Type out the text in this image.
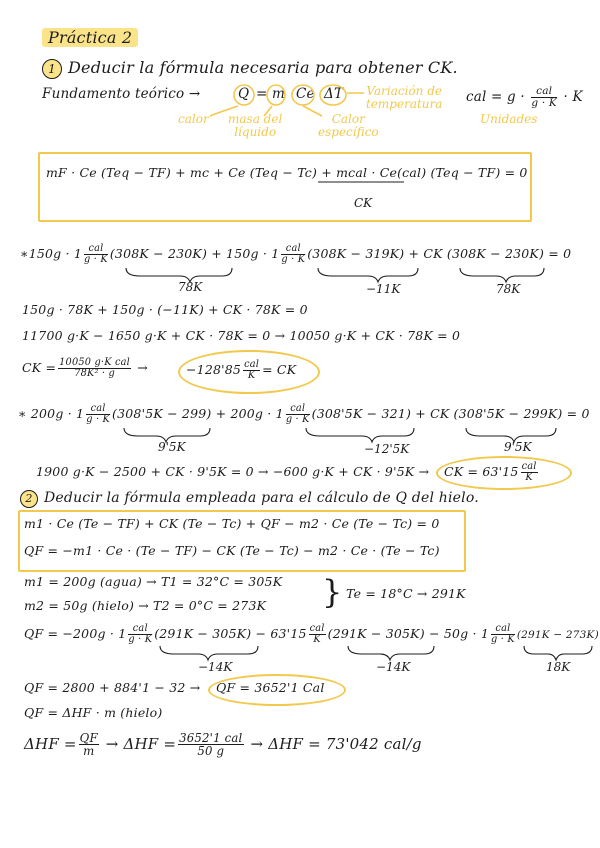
Práctica 2
1 Deducir la fórmula necesaria para obtener CK.
Fundamento teórico →	Q = m Ce ΔT	cal = $g \cdot \frac{\text{cal}}{g \cdot K} \cdot K$
calor masa del
líquido
Calor
específico
Variación de
temperatura
Unidades
mF · Ce (Teq − TF) + mc + Ce (Teq − Tc) + mcal · Ce(cal) (Teq − TF) = 0
CK
∗150g · $1 \frac{\text{cal}}{g \cdot K} (308K - 230K) + 150g \cdot 1 \frac{\text{cal}}{g \cdot K} (308K - 319K)$ + CK (308K − 230K) = 0
78K	−11K	78K
150g · 78K + 150g · (−11K) + CK · 78K = 0
11700 g·K − 1650 g·K + CK · 78K = 0 → 10050 g·K + CK · 78K = 0
CK = $\frac{\text{10050 g·K cal}}{\text{78K² · g}}$ →	$-128'85 \frac{\text{cal}}{K}$ = CK
∗ $200g \cdot 1 \frac{\text{cal}}{g \cdot K} (308'5K - 299) + 200g \cdot 1 \frac{\text{cal}}{g \cdot K} (308'5K - 321)$ + CK (308'5K − 299K) = 0
9'5K	−12'5K	9'5K
1900 g·K − 2500 + CK · 9'5K = 0 → −600 g·K + CK · 9'5K → CK = $63'15 \frac{\text{cal}}{K}$
2 Deducir la fórmula empleada para el cálculo de Q del hielo.
m1 · Ce (Te − TF) + CK (Te − Tc) + QF − m2 · Ce (Te − Tc) = 0
QF = −m1 · Ce · (Te − TF) − CK (Te − Tc) − m2 · Ce · (Te − Tc)
m1 = 200g (agua) → T1 = 32°C = 305K
m2 = 50g (hielo) → T2 = 0°C = 273K } Te = 18°C → 291K
QF = $-200g \cdot 1 \frac{\text{cal}}{g \cdot K} (291K - 305K) - 63'15 \frac{\text{cal}}{K} (291K - 305K) - 50g \cdot 1 \frac{\text{cal}}{g \cdot K} (291K - 273K)$
−14K	−14K	18K
QF = 2800 + 884'1 − 32 → QF = 3652'1 Cal
QF = ΔHF · m (hielo)
$\Delta HF = \frac{QF}{m} \to \Delta HF = \frac{\text{3652'1 cal}}{50 g} \to \Delta HF = 73'042$ cal/g
